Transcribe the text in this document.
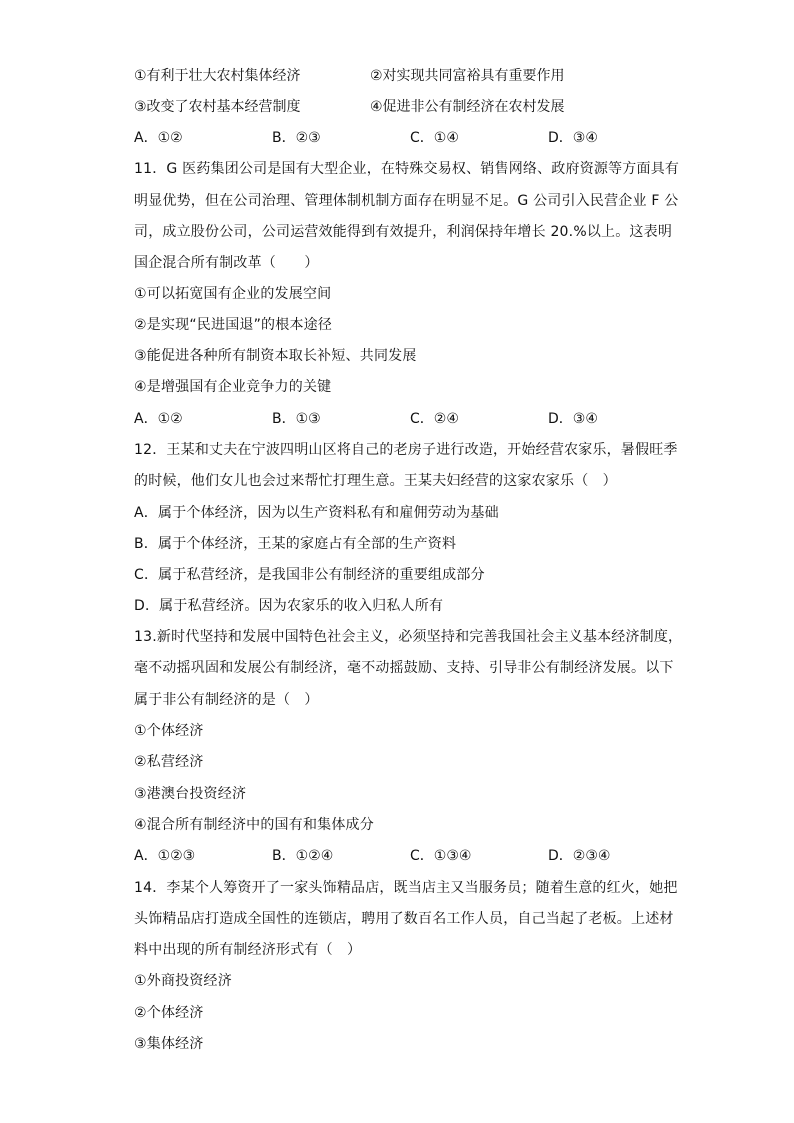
①有利于壮大农村集体经济	②对实现共同富裕具有重要作用
③改变了农村基本经营制度	④促进非公有制经济在农村发展
A．①②	B．②③	C．①④	D．③④
11．G 医药集团公司是国有大型企业，在特殊交易权、销售网络、政府资源等方面具有
明显优势，但在公司治理、管理体制机制方面存在明显不足。G 公司引入民营企业 F 公
司，成立股份公司，公司运营效能得到有效提升，利润保持年增长 20.%以上。这表明
国企混合所有制改革（　　）
①可以拓宽国有企业的发展空间
②是实现“民进国退”的根本途径
③能促进各种所有制资本取长补短、共同发展
④是增强国有企业竞争力的关键
A．①②	B．①③	C．②④	D．③④
12．王某和丈夫在宁波四明山区将自己的老房子进行改造，开始经营农家乐，暑假旺季
的时候，他们女儿也会过来帮忙打理生意。王某夫妇经营的这家农家乐（　）
A．属于个体经济，因为以生产资料私有和雇佣劳动为基础
B．属于个体经济，王某的家庭占有全部的生产资料
C．属于私营经济，是我国非公有制经济的重要组成部分
D．属于私营经济。因为农家乐的收入归私人所有
13.新时代坚持和发展中国特色社会主义，必须坚持和完善我国社会主义基本经济制度，
毫不动摇巩固和发展公有制经济，毫不动摇鼓励、支持、引导非公有制经济发展。以下
属于非公有制经济的是（　）
①个体经济
②私营经济
③港澳台投资经济
④混合所有制经济中的国有和集体成分
A．①②③	B．①②④	C．①③④	D．②③④
14．李某个人筹资开了一家头饰精品店，既当店主又当服务员；随着生意的红火，她把
头饰精品店打造成全国性的连锁店，聘用了数百名工作人员，自己当起了老板。上述材
料中出现的所有制经济形式有（　）
①外商投资经济
②个体经济
③集体经济
